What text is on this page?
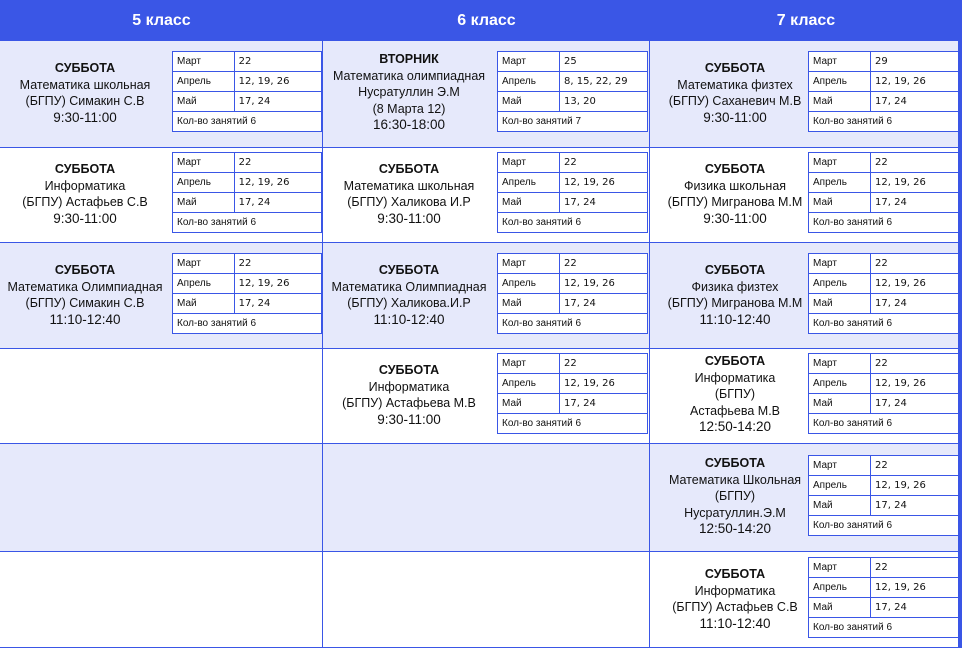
5 класс	6 класс	7 класс
СУББОТА
Математика школьная
(БГПУ) Симакин С.В
9:30-11:00
Март	22
Апрель	12, 19, 26
Май	17, 24
Кол-во занятий 6	
ВТОРНИК
Математика олимпиадная
Нусратуллин Э.М
(8 Марта 12)
16:30-18:00
Март	25
Апрель	8, 15, 22, 29
Май	13, 20
Кол-во занятий 7	
СУББОТА
Математика физтех
(БГПУ) Саханевич М.В
9:30-11:00
Март	29
Апрель	12, 19, 26
Май	17, 24
Кол-во занятий 6	
СУББОТА
Информатика
(БГПУ) Астафьев С.В
9:30-11:00
Март	22
Апрель	12, 19, 26
Май	17, 24
Кол-во занятий 6	
СУББОТА
Математика школьная
(БГПУ) Халикова И.Р
9:30-11:00
Март	22
Апрель	12, 19, 26
Май	17, 24
Кол-во занятий 6	
СУББОТА
Физика школьная
(БГПУ) Мигранова М.М
9:30-11:00
Март	22
Апрель	12, 19, 26
Май	17, 24
Кол-во занятий 6	
СУББОТА
Математика Олимпиадная
(БГПУ) Симакин С.В
11:10-12:40
Март	22
Апрель	12, 19, 26
Май	17, 24
Кол-во занятий 6	
СУББОТА
Математика Олимпиадная
(БГПУ) Халикова.И.Р
11:10-12:40
Март	22
Апрель	12, 19, 26
Май	17, 24
Кол-во занятий 6	
СУББОТА
Физика физтех
(БГПУ) Мигранова М.М
11:10-12:40
Март	22
Апрель	12, 19, 26
Май	17, 24
Кол-во занятий 6	
СУББОТА
Информатика
(БГПУ) Астафьева М.В
9:30-11:00
Март	22
Апрель	12, 19, 26
Май	17, 24
Кол-во занятий 6	
СУББОТА
Информатика
(БГПУ)
Астафьева М.В
12:50-14:20
Март	22
Апрель	12, 19, 26
Май	17, 24
Кол-во занятий 6	
СУББОТА
Математика Школьная
(БГПУ)
Нусратуллин.Э.М
12:50-14:20
Март	22
Апрель	12, 19, 26
Май	17, 24
Кол-во занятий 6	
СУББОТА
Информатика
(БГПУ) Астафьев С.В
11:10-12:40
Март	22
Апрель	12, 19, 26
Май	17, 24
Кол-во занятий 6	
